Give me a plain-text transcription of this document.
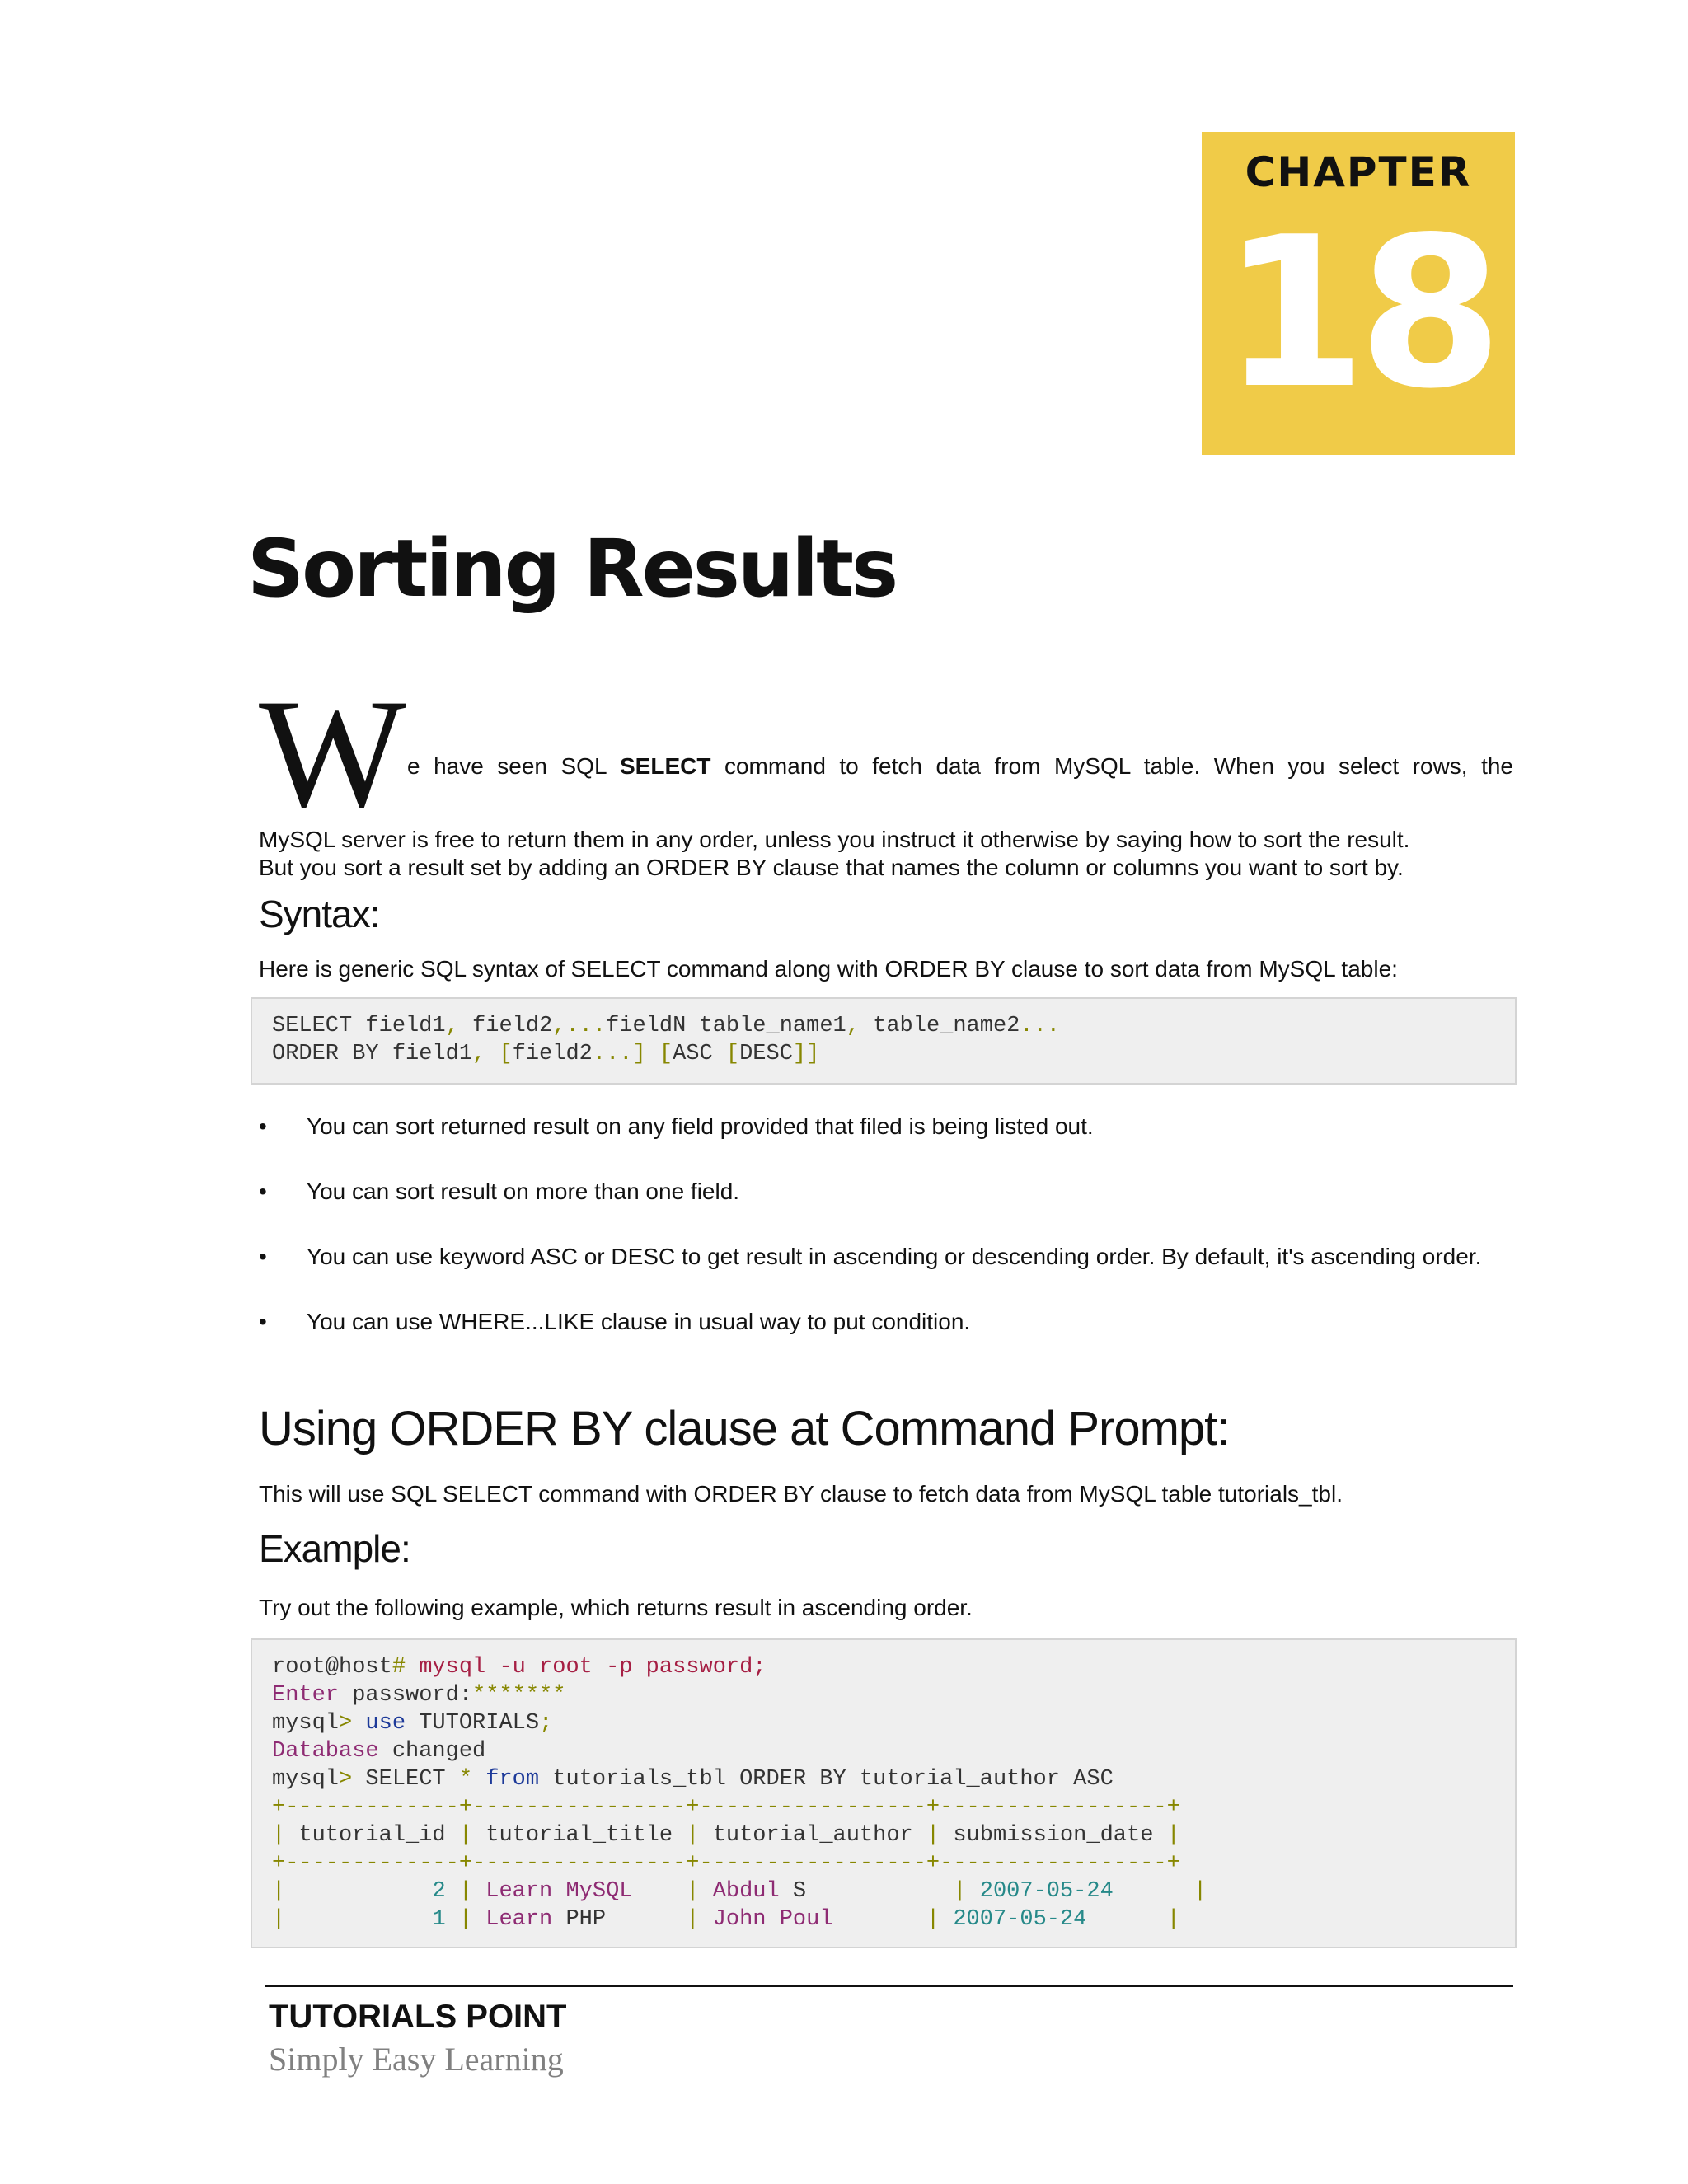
CHAPTER
18
Sorting Results
W e have seen SQL SELECT command to fetch data from MySQL table. When you select rows, the
MySQL server is free to return them in any order, unless you instruct it otherwise by saying how to sort the result.
But you sort a result set by adding an ORDER BY clause that names the column or columns you want to sort by.
Syntax:
Here is generic SQL syntax of SELECT command along with ORDER BY clause to sort data from MySQL table:
SELECT field1, field2,...fieldN table_name1, table_name2...
ORDER BY field1, [field2...] [ASC [DESC]]
• You can sort returned result on any field provided that filed is being listed out.
• You can sort result on more than one field.
• You can use keyword ASC or DESC to get result in ascending or descending order. By default, it's ascending order.
• You can use WHERE...LIKE clause in usual way to put condition.
Using ORDER BY clause at Command Prompt:
This will use SQL SELECT command with ORDER BY clause to fetch data from MySQL table tutorials_tbl.
Example:
Try out the following example, which returns result in ascending order.
root@host# mysql -u root -p password;
Enter password:*******
mysql> use TUTORIALS;
Database changed
mysql> SELECT * from tutorials_tbl ORDER BY tutorial_author ASC
+-------------+----------------+-----------------+-----------------+
| tutorial_id | tutorial_title | tutorial_author | submission_date |
+-------------+----------------+-----------------+-----------------+
|	2 | Learn MySQL | Abdul S           | 2007-05-24	|
|	1 | Learn PHP      | John Poul	| 2007-05-24	|
TUTORIALS POINT
Simply Easy Learning
